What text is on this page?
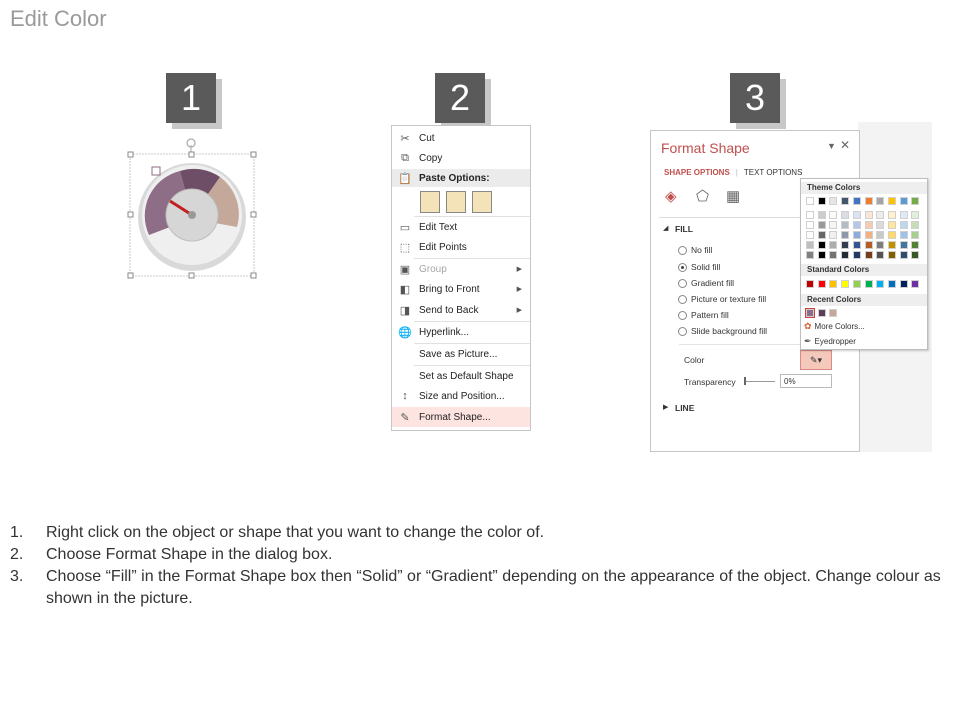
Edit Color
1	2	3
✂ Cut
⧉	Copy
📋 Paste Options:
▭ Edit Text
⬚ Edit Points
▣ Group	▶
◧ Bring to Front	▶
◨ Send to Back	▶
🌐 Hyperlink...
Save as Picture...
Set as Default Shape
↕	Size and Position...
✎ Format Shape...
Format Shape	▼ ✕
SHAPE OPTIONS | TEXT OPTIONS
◈ ⬠ ▦
◢ FILL
No fill
Solid fill
Gradient fill
Picture or texture fill
Pattern fill
Slide background fill
Color	✎▾
Transparency	0%
▶ LINE
Theme Colors
Standard Colors
Recent Colors
✿ More Colors...
✒ Eyedropper
1.	Right click on the object or shape that you want to change the color of.
2.	Choose Format Shape in the dialog box.
3.	Choose “Fill” in the Format Shape box then “Solid” or “Gradient” depending on the appearance of the object. Change colour as shown in the picture.
